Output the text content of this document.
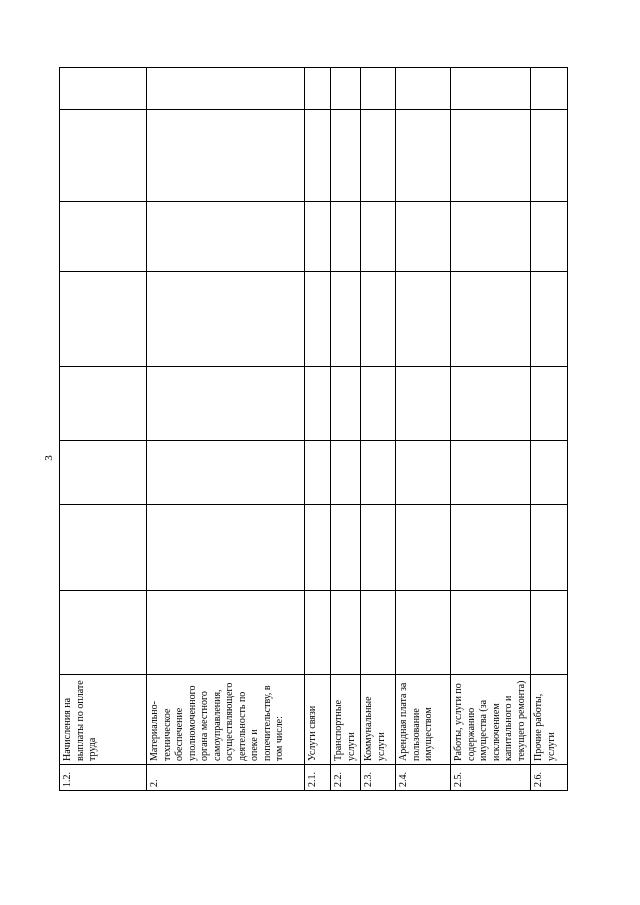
3
1.2.	Начисления на выплаты по оплате труда								
2.	Материально-техническое обеспечение уполномоченного органа местного самоуправления, осуществляющего деятельность по опеке и попечительству, в том числе:								
2.1.	Услуги связи								
2.2.	Транспортные услуги								
2.3.	Коммунальные услуги								
2.4.	Арендная плата за пользование имуществом								
2.5.	Работы, услуги по содержанию имущества (за исключением капитального и текущего ремонта)								
2.6.	Прочие работы, услуги								
